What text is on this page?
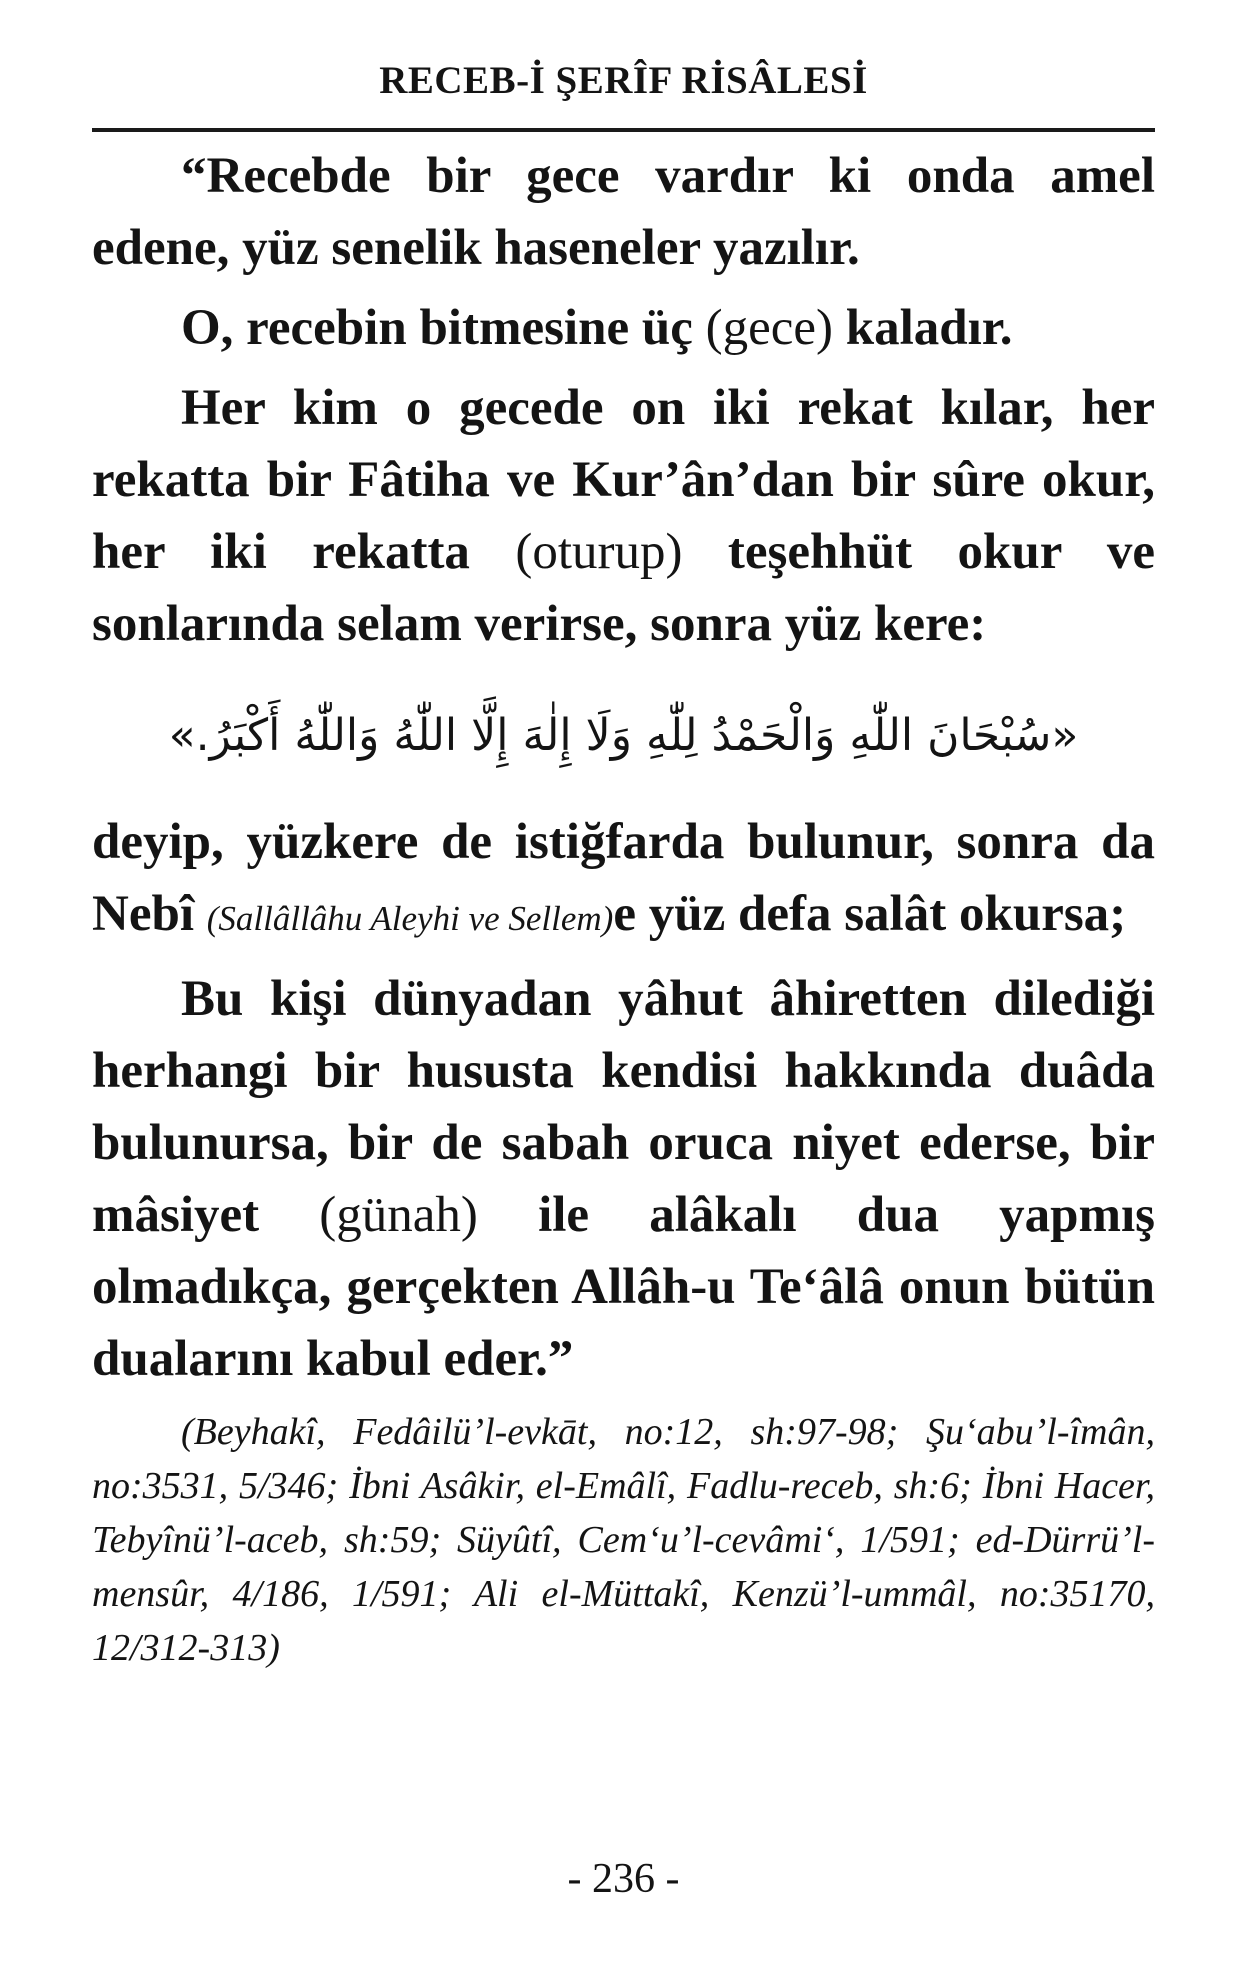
RECEB-İ ŞERÎF RİSÂLESİ

“Recebde bir gece vardır ki onda amel edene, yüz senelik haseneler yazılır.

O, recebin bitmesine üç (gece) kaladır.

Her kim o gecede on iki rekat kılar, her rekatta bir Fâtiha ve Kur’ân’dan bir sûre okur, her iki rekatta (oturup) teşehhüt okur ve sonlarında selam verirse, sonra yüz kere:

«سُبْحَانَ اللّٰهِ وَالْحَمْدُ لِلّٰهِ وَلَا إِلٰهَ إِلَّا اللّٰهُ وَاللّٰهُ أَكْبَرُ.»

deyip, yüzkere de istiğfarda bulunur, sonra da Nebî (Sallâllâhu Aleyhi ve Sellem)e yüz defa salât okursa;

Bu kişi dünyadan yâhut âhiretten dilediği herhangi bir hususta kendisi hakkında duâda bulunursa, bir de sabah oruca niyet ederse, bir mâsiyet (günah) ile alâkalı dua yapmış olmadıkça, gerçekten Allâh-u Te‘âlâ onun bütün dualarını kabul eder.”

(Beyhakî, Fedâilü’l-evkāt, no:12, sh:97-98; Şu‘abu’l-îmân, no:3531, 5/346; İbni Asâkir, el-Emâlî, Fadlu-receb, sh:6; İbni Hacer, Tebyînü’l-aceb, sh:59; Süyûtî, Cem‘u’l-cevâmi‘, 1/591; ed-Dürrü’l-mensûr, 4/186, 1/591; Ali el-Müttakî, Kenzü’l-ummâl, no:35170, 12/312-313)

- 236 -
